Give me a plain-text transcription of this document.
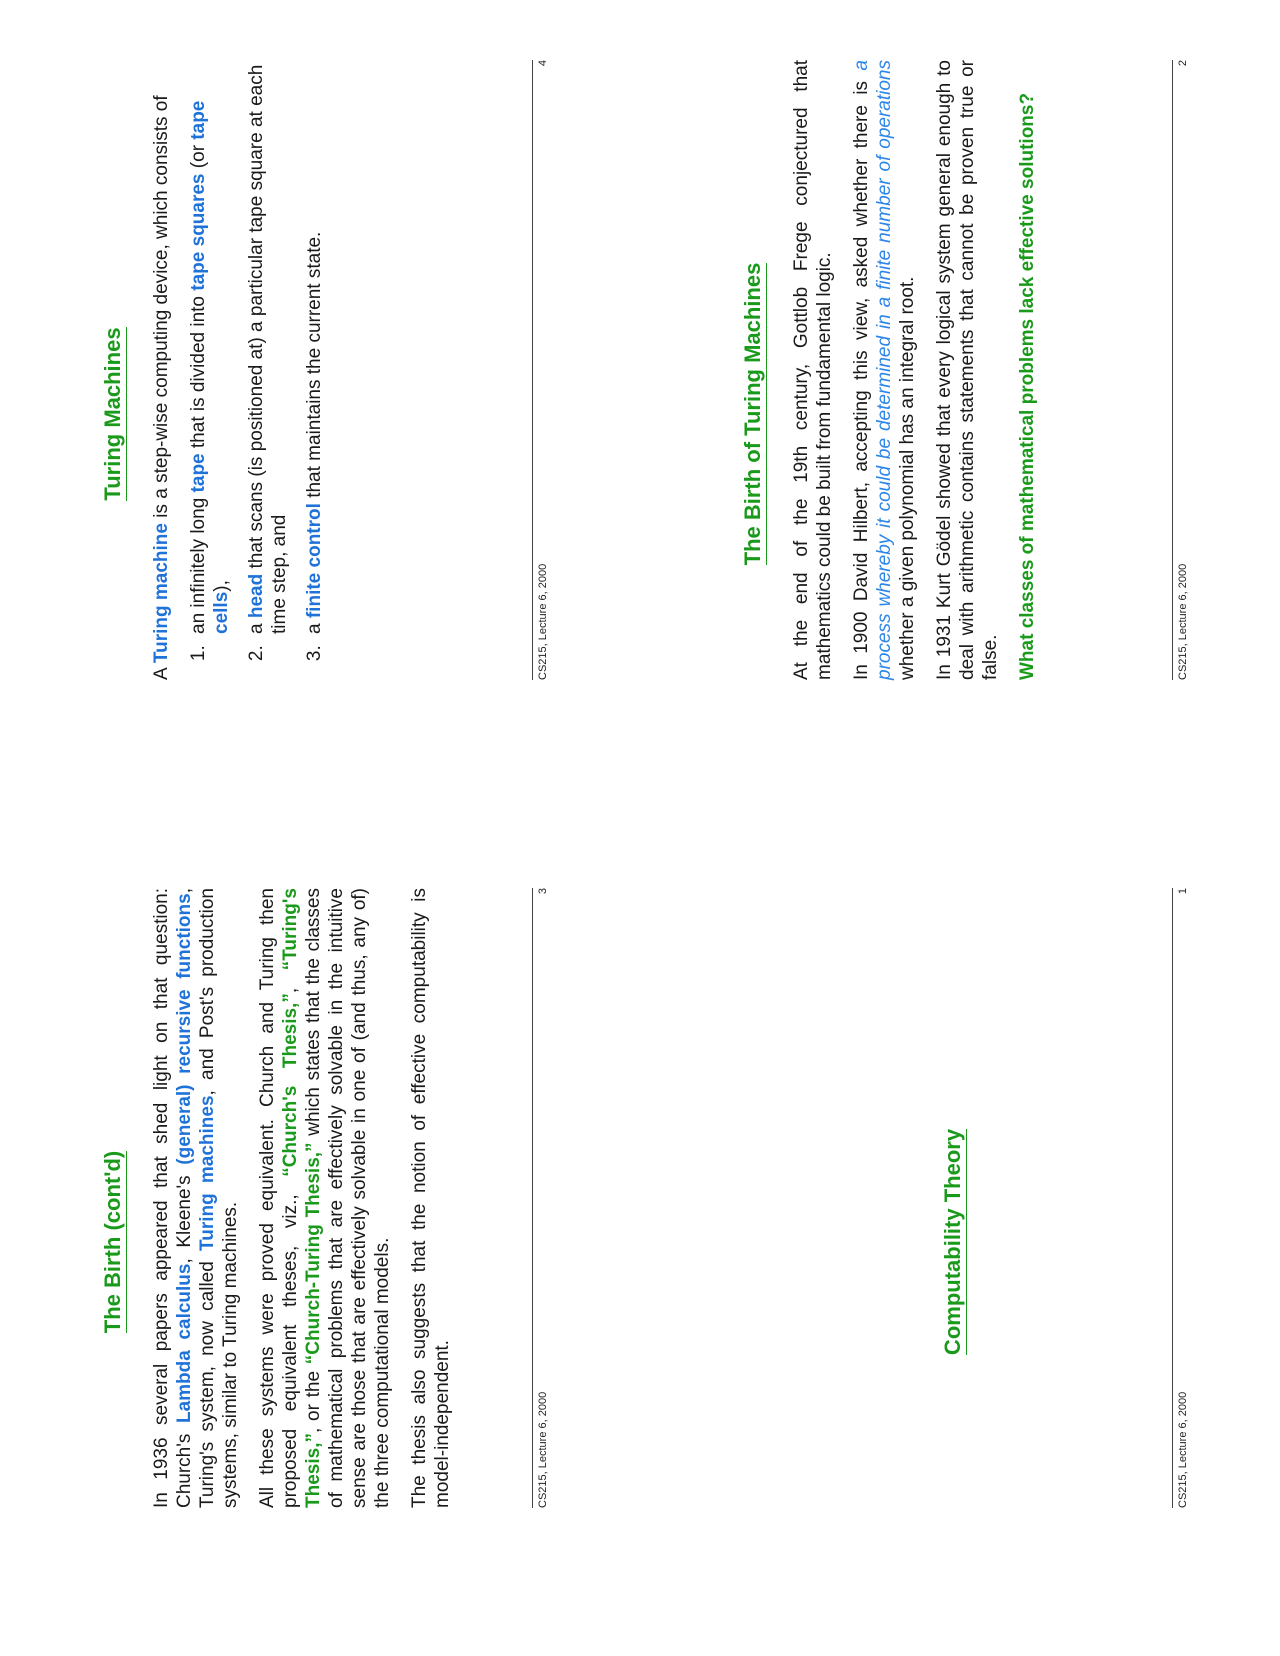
Computability Theory
CS215, Lecture 6, 2000
1
The Birth of Turing Machines At the end of the 19th century, Gottlob Frege conjectured that mathematics could be built from fundamental logic. In 1900 David Hilbert, accepting this view, asked whether there is a process whereby it could be determined in a finite number of operations whether a given polynomial has an integral root. In 1931 Kurt Gödel showed that every logical system general enough to deal with arithmetic contains statements that cannot be proven true or false. What classes of mathematical problems lack effective solutions?	CS215, Lecture 6, 2000
2
The Birth (cont'd) In 1936 several papers appeared that shed light on that question: Church's Lambda calculus, Kleene's (general) recursive functions, Turing's system, now called Turing machines, and Post's production systems, similar to Turing machines. All these systems were proved equivalent. Church and Turing then proposed equivalent theses, viz., “Church's Thesis,”, “Turing's Thesis,”, or the “Church-Turing Thesis,” which states that the classes of mathematical problems that are effectively solvable in the intuitive sense are those that are effectively solvable in one of (and thus, any of) the three computational models. The thesis also suggests that the notion of effective computability is model-independent.	CS215, Lecture 6, 2000
3
Turing Machines

A Turing machine is a step-wise computing device, which consists of

1. an infinitely long tape that is divided into tape squares (or tape cells),
2. a head that scans (is positioned at) a particular tape square at each time step, and
3. a finite control that maintains the current state.
CS215, Lecture 6, 2000
4
